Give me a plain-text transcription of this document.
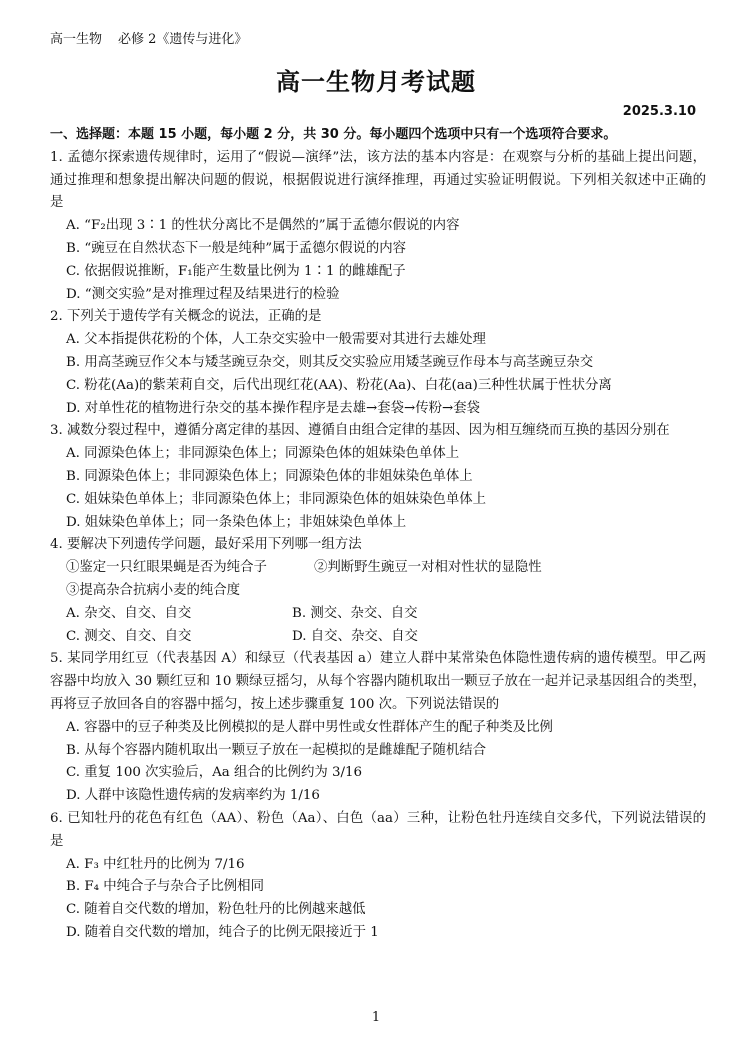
高一生物 必修 2《遗传与进化》
高一生物月考试题
2025.3.10
一、选择题：本题 15 小题，每小题 2 分，共 30 分。每小题四个选项中只有一个选项符合要求。
1. 孟德尔探索遗传规律时，运用了“假说—演绎”法，该方法的基本内容是：在观察与分析的基础上提出问题，通过推理和想象提出解决问题的假说，根据假说进行演绎推理，再通过实验证明假说。下列相关叙述中正确的是
A. “F₂出现 3∶1 的性状分离比不是偶然的”属于孟德尔假说的内容
B. “豌豆在自然状态下一般是纯种”属于孟德尔假说的内容
C. 依据假说推断，F₁能产生数量比例为 1∶1 的雌雄配子
D. “测交实验”是对推理过程及结果进行的检验
2. 下列关于遗传学有关概念的说法，正确的是
A. 父本指提供花粉的个体，人工杂交实验中一般需要对其进行去雄处理
B. 用高茎豌豆作父本与矮茎豌豆杂交，则其反交实验应用矮茎豌豆作母本与高茎豌豆杂交
C. 粉花(Aa)的紫茉莉自交，后代出现红花(AA)、粉花(Aa)、白花(aa)三种性状属于性状分离
D. 对单性花的植物进行杂交的基本操作程序是去雄→套袋→传粉→套袋
3. 减数分裂过程中，遵循分离定律的基因、遵循自由组合定律的基因、因为相互缠绕而互换的基因分别在
A. 同源染色体上；非同源染色体上；同源染色体的姐妹染色单体上
B. 同源染色体上；非同源染色体上；同源染色体的非姐妹染色单体上
C. 姐妹染色单体上；非同源染色体上；非同源染色体的姐妹染色单体上
D. 姐妹染色单体上；同一条染色体上；非姐妹染色单体上
4. 要解决下列遗传学问题，最好采用下列哪一组方法
①鉴定一只红眼果蝇是否为纯合子	②判断野生豌豆一对相对性状的显隐性
③提高杂合抗病小麦的纯合度
A. 杂交、自交、自交	B. 测交、杂交、自交
C. 测交、自交、自交	D. 自交、杂交、自交
5. 某同学用红豆（代表基因 A）和绿豆（代表基因 a）建立人群中某常染色体隐性遗传病的遗传模型。甲乙两容器中均放入 30 颗红豆和 10 颗绿豆摇匀，从每个容器内随机取出一颗豆子放在一起并记录基因组合的类型，再将豆子放回各自的容器中摇匀，按上述步骤重复 100 次。下列说法错误的
A. 容器中的豆子种类及比例模拟的是人群中男性或女性群体产生的配子种类及比例
B. 从每个容器内随机取出一颗豆子放在一起模拟的是雌雄配子随机结合
C. 重复 100 次实验后，Aa 组合的比例约为 3/16
D. 人群中该隐性遗传病的发病率约为 1/16
6. 已知牡丹的花色有红色（AA）、粉色（Aa）、白色（aa）三种，让粉色牡丹连续自交多代，下列说法错误的是
A. F₃ 中红牡丹的比例为 7/16
B. F₄ 中纯合子与杂合子比例相同
C. 随着自交代数的增加，粉色牡丹的比例越来越低
D. 随着自交代数的增加，纯合子的比例无限接近于 1
1
